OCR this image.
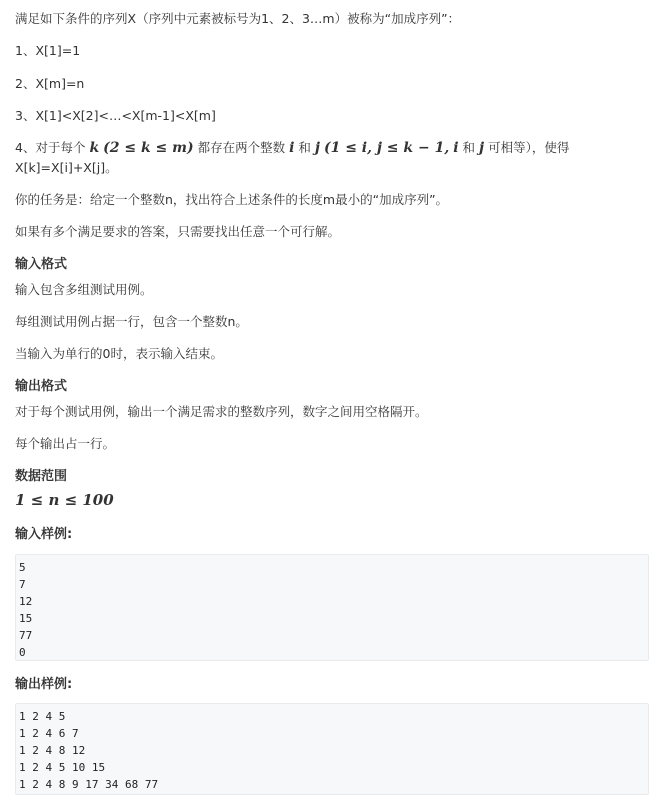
满足如下条件的序列X（序列中元素被标号为1、2、3…m）被称为“加成序列”：

1、X[1]=1

2、X[m]=n

3、X[1]<X[2]<…<X[m-1]<X[m]

4、对于每个 k (2 ≤ k ≤ m) 都存在两个整数 i 和 j (1 ≤ i, j ≤ k − 1, i 和 j 可相等），使得

X[k]=X[i]+X[j]。

你的任务是：给定一个整数n，找出符合上述条件的长度m最小的“加成序列”。

如果有多个满足要求的答案，只需要找出任意一个可行解。

输入格式

输入包含多组测试用例。

每组测试用例占据一行，包含一个整数n。

当输入为单行的0时，表示输入结束。

输出格式

对于每个测试用例，输出一个满足需求的整数序列，数字之间用空格隔开。

每个输出占一行。

数据范围

1 ≤ n ≤ 100

输入样例:

5
7
12
15
77
0

输出样例:

1 2 4 5
1 2 4 6 7
1 2 4 8 12
1 2 4 5 10 15
1 2 4 8 9 17 34 68 77
